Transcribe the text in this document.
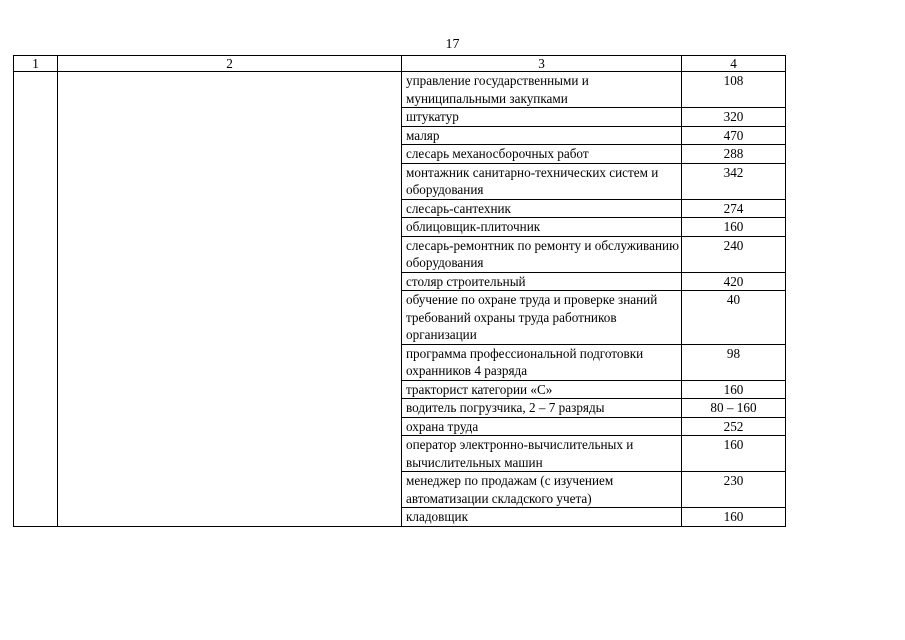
17
1	2	3	4
		управление государственными и муниципальными закупками	108
		штукатур	320
		маляр	470
		слесарь механосборочных работ	288
		монтажник санитарно-технических систем и оборудования	342
		слесарь-сантехник	274
		облицовщик-плиточник	160
		слесарь-ремонтник по ремонту и обслуживанию оборудования	240
		столяр строительный	420
		обучение по охране труда и проверке знаний требований охраны труда работников организации	40
		программа профессиональной подготовки охранников 4 разряда	98
		тракторист категории «С»	160
		водитель погрузчика, 2 – 7 разряды	80 – 160
		охрана труда	252
		оператор электронно-вычислительных и вычислительных машин	160
		менеджер по продажам (с изучением автоматизации складского учета)	230
		кладовщик	160
